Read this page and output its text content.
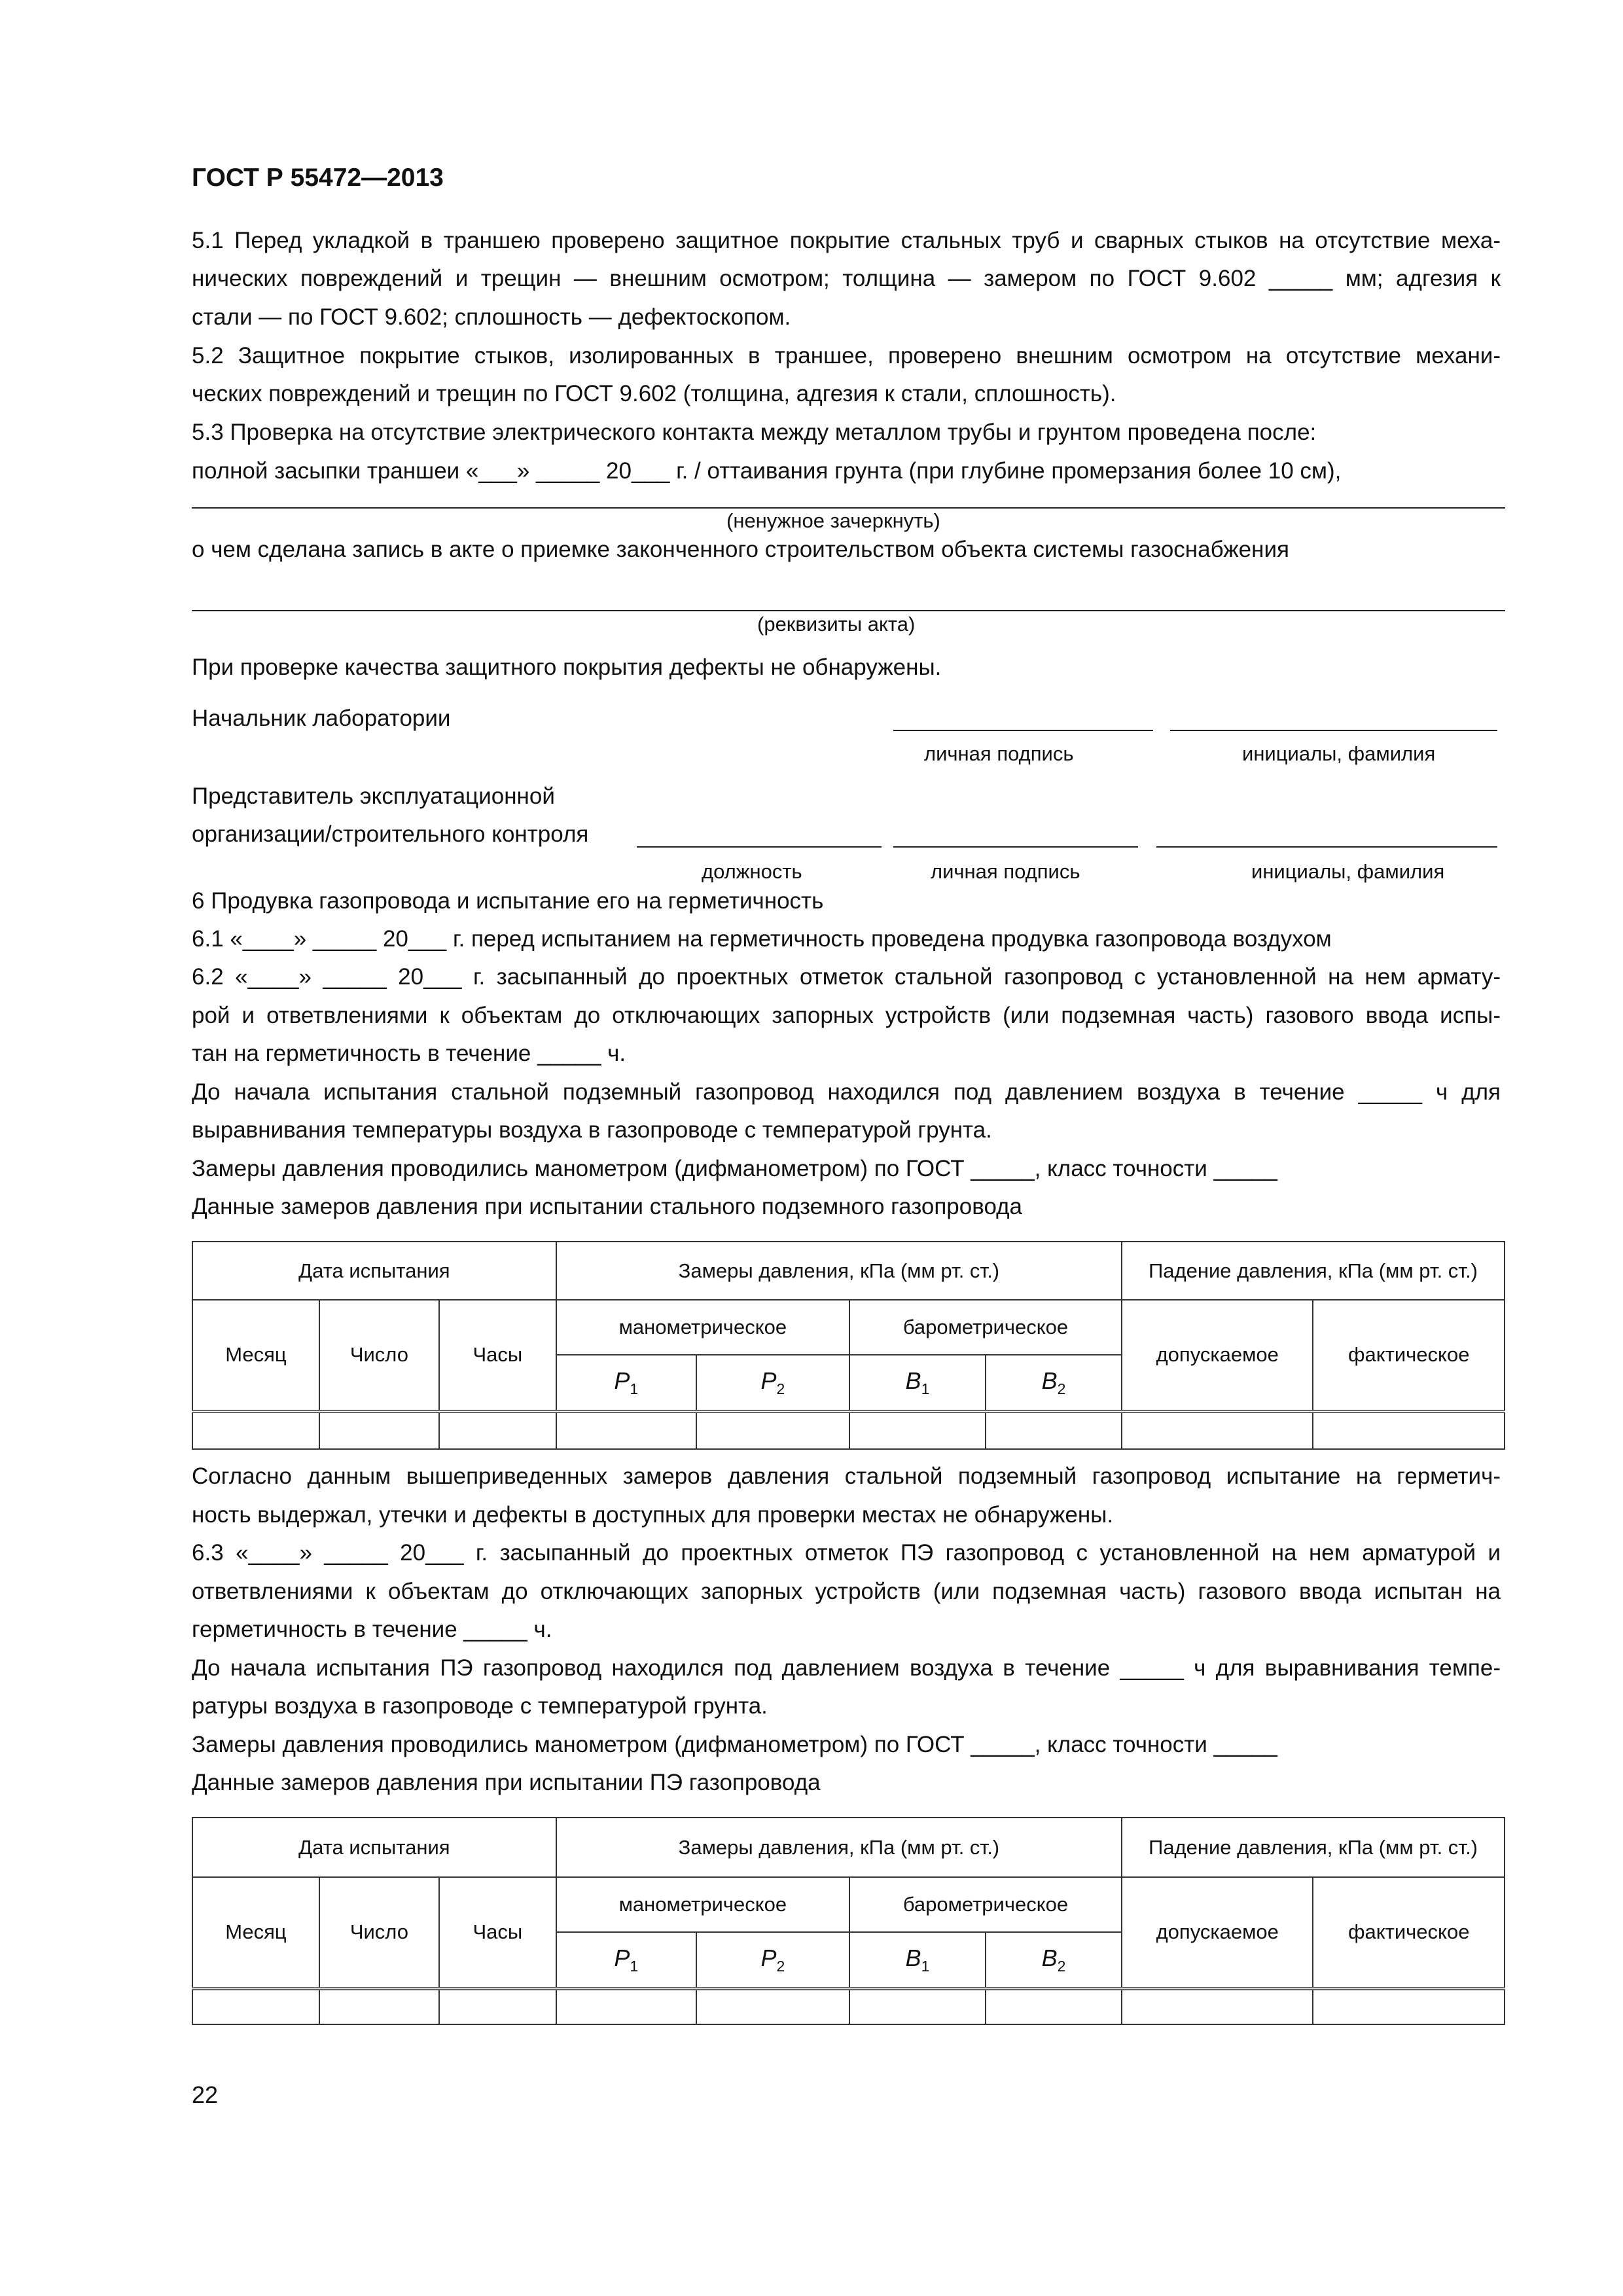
ГОСТ Р 55472—2013
5.1 Перед укладкой в траншею проверено защитное покрытие стальных труб и сварных стыков на отсутствие меха-
нических повреждений и трещин — внешним осмотром; толщина — замером по ГОСТ 9.602 _____ мм; адгезия к
стали — по ГОСТ 9.602; сплошность — дефектоскопом.
5.2 Защитное покрытие стыков, изолированных в траншее, проверено внешним осмотром на отсутствие механи-
ческих повреждений и трещин по ГОСТ 9.602 (толщина, адгезия к стали, сплошность).
5.3 Проверка на отсутствие электрического контакта между металлом трубы и грунтом проведена после:
полной засыпки траншеи «___» _____ 20___ г. / оттаивания грунта (при глубине промерзания более 10 см),
(ненужное зачеркнуть)
о чем сделана запись в акте о приемке законченного строительством объекта системы газоснабжения
(реквизиты акта)
При проверке качества защитного покрытия дефекты не обнаружены.
Начальник лаборатории
личная подпись	инициалы, фамилия
Представитель эксплуатационной
организации/строительного контроля
должность	личная подпись	инициалы, фамилия
6 Продувка газопровода и испытание его на герметичность
6.1 «____» _____ 20___ г. перед испытанием на герметичность проведена продувка газопровода воздухом
6.2 «____» _____ 20___ г. засыпанный до проектных отметок стальной газопровод с установленной на нем армату-
рой и ответвлениями к объектам до отключающих запорных устройств (или подземная часть) газового ввода испы-
тан на герметичность в течение _____ ч.
До начала испытания стальной подземный газопровод находился под давлением воздуха в течение _____ ч для
выравнивания температуры воздуха в газопроводе с температурой грунта.
Замеры давления проводились манометром (дифманометром) по ГОСТ _____, класс точности _____
Данные замеров давления при испытании стального подземного газопровода
Дата испытания			Замеры давления, кПа (мм рт. ст.)				Падение давления, кПа (мм рт. ст.)	
Месяц	Число	Часы	манометрическое		барометрическое		допускаемое	фактическое
			$P_1$	$P_2$	$B_1$	$B_2$

Согласно данным вышеприведенных замеров давления стальной подземный газопровод испытание на герметич-
ность выдержал, утечки и дефекты в доступных для проверки местах не обнаружены.
6.3 «____» _____ 20___ г. засыпанный до проектных отметок ПЭ газопровод с установленной на нем арматурой и
ответвлениями к объектам до отключающих запорных устройств (или подземная часть) газового ввода испытан на
герметичность в течение _____ ч.
До начала испытания ПЭ газопровод находился под давлением воздуха в течение _____ ч для выравнивания темпе-
ратуры воздуха в газопроводе с температурой грунта.
Замеры давления проводились манометром (дифманометром) по ГОСТ _____, класс точности _____
Данные замеров давления при испытании ПЭ газопровода
Дата испытания			Замеры давления, кПа (мм рт. ст.)				Падение давления, кПа (мм рт. ст.)	
Месяц	Число	Часы	манометрическое		барометрическое		допускаемое	фактическое
			$P_1$	$P_2$	$B_1$	$B_2$

22
